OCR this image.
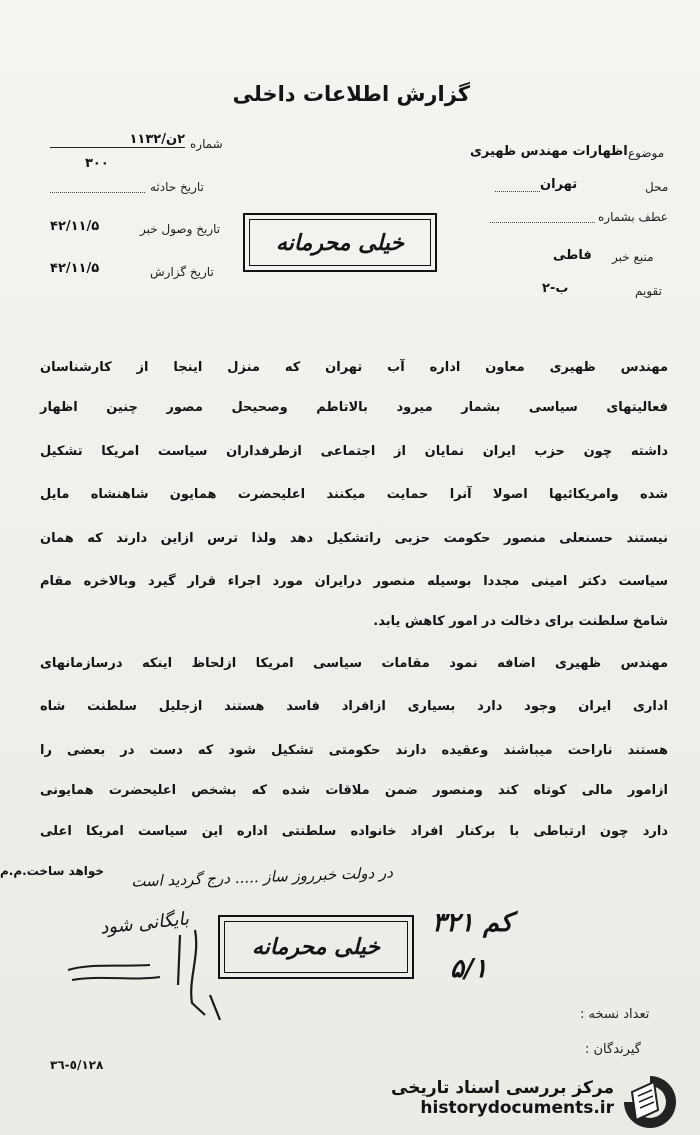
گزارش اطلاعات داخلی
شماره
٢ن/١١٣٢
٣٠٠
تاریخ حادثه
تاریخ وصول خبر
۴٢/١١/۵
تاریخ گزارش
۴٢/١١/۵
موضوع
اظهارات مهندس ظهیری
محل
تهران
عطف بشماره
منبع خبر
فاطی
تقویم
ب-٢
خیلی محرمانه
مهندس ظهیری معاون اداره آب تهران که منزل اینجا از کارشناسان
فعالیتهای سیاسی بشمار میرود بالاتاطم وصحیحل مصور چنین اظهار
داشته چون حزب ایران نمایان از اجتماعی ازطرفداران سیاست امریکا تشکیل
شده وامریکائیها اصولا آنرا حمایت میکنند اعلیحضرت همایون شاهنشاه مایل
نیستند حسنعلی منصور حکومت حزبی راتشکیل دهد ولذا ترس ازاین دارند که همان
سیاست دکتر امینی مجددا بوسیله منصور درایران مورد اجراء قرار گیرد وبالاخره مقام
شامخ سلطنت برای دخالت در امور کاهش یابد.
مهندس ظهیری اضافه نمود مقامات سیاسی امریکا ازلحاظ اینکه درسازمانهای
اداری ایران وجود دارد بسیاری ازافراد فاسد هستند ازجلیل سلطنت شاه
هستند ناراحت میباشند وعقیده دارند حکومتی تشکیل شود که دست در بعضی را
ازامور مالی کوتاه کند ومنصور ضمن ملاقات شده که بشخص اعلیحضرت همایونی
دارد چون ارتباطی با برکنار افراد خانواده سلطنتی اداره این سیاست امریکا اعلی
خواهد ساخت.م.م	در دولت خبرروز ساز ..... درج گردید است
بایگانی شود
خیلی محرمانه
کم ٣٢١
١/۵
تعداد نسخه :
گیرندگان :
٥/١٢٨-٣٦
مرکز بررسی اسناد تاریخی
historydocuments.ir
